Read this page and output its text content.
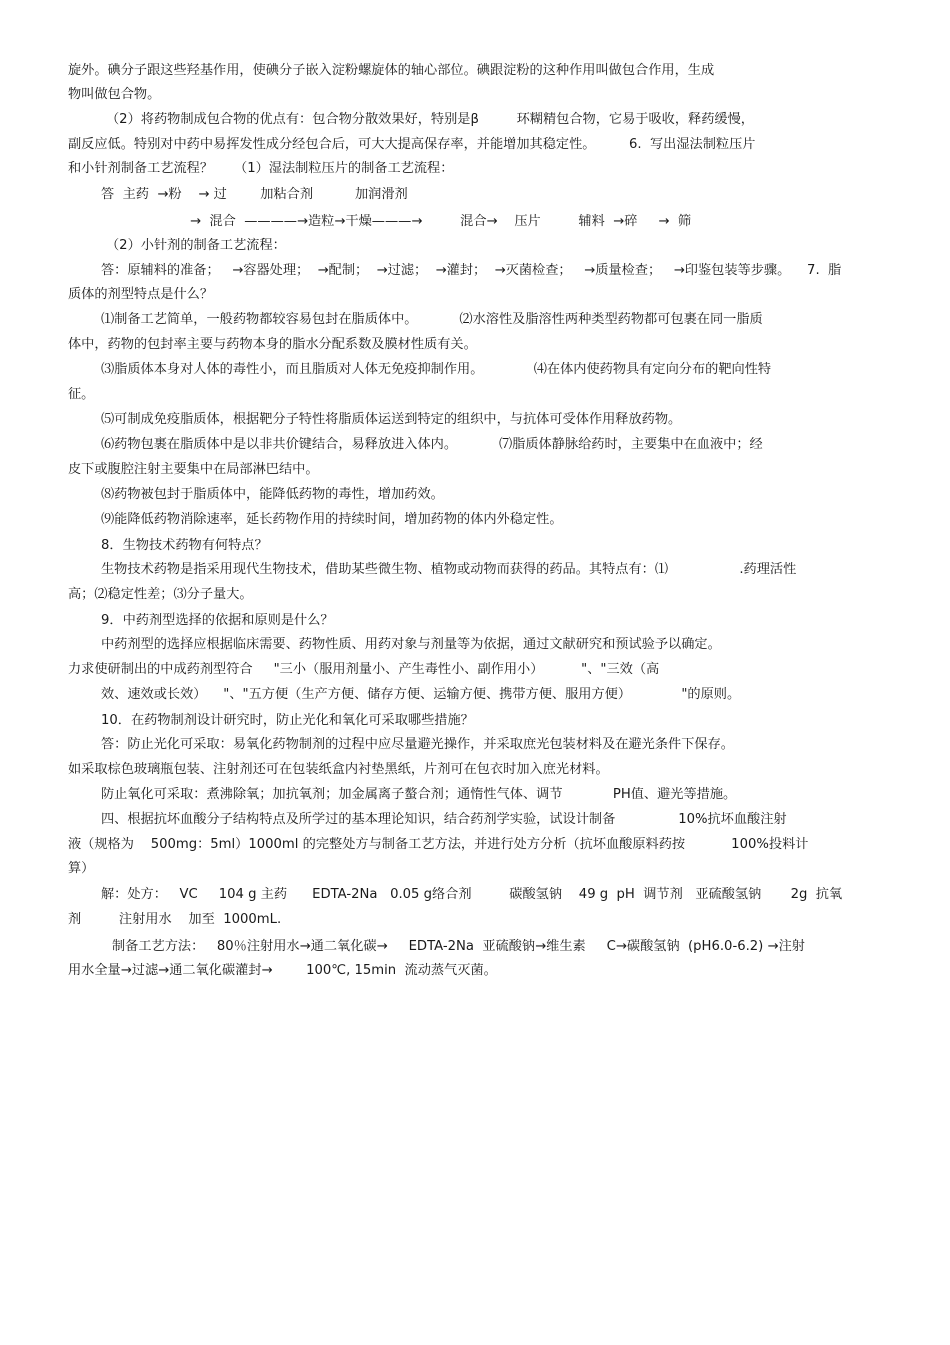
旋外。碘分子跟这些羟基作用，使碘分子嵌入淀粉螺旋体的轴心部位。碘跟淀粉的这种作用叫做包合作用，生成
物叫做包合物。
（2）将药物制成包合物的优点有：包合物分散效果好，特别是β         环糊精包合物，它易于吸收，释药缓慢，
副反应低。特别对中药中易挥发性成分经包合后，可大大提高保存率，并能增加其稳定性。        6.  写出湿法制粒压片
和小针剂制备工艺流程？     （1）湿法制粒压片的制备工艺流程：
答  主药  →粉    → 过        加粘合剂          加润滑剂
→  混合  ————→造粒→干燥———→         混合→    压片         辅料  →碎     →  筛
（2）小针剂的制备工艺流程：
答：原辅料的准备；   →容器处理；  →配制；  →过滤；  →灌封；  →灭菌检查；   →质量检查；   →印鉴包装等步骤。    7.  脂
质体的剂型特点是什么？
⑴制备工艺简单，一般药物都较容易包封在脂质体中。          ⑵水溶性及脂溶性两种类型药物都可包裹在同一脂质
体中，药物的包封率主要与药物本身的脂水分配系数及膜材性质有关。
⑶脂质体本身对人体的毒性小，而且脂质对人体无免疫抑制作用。            ⑷在体内使药物具有定向分布的靶向性特
征。
⑸可制成免疫脂质体，根据靶分子特性将脂质体运送到特定的组织中，与抗体可受体作用释放药物。
⑹药物包裹在脂质体中是以非共价键结合，易释放进入体内。          ⑺脂质体静脉给药时，主要集中在血液中；经
皮下或腹腔注射主要集中在局部淋巴结中。
⑻药物被包封于脂质体中，能降低药物的毒性，增加药效。
⑼能降低药物消除速率，延长药物作用的持续时间，增加药物的体内外稳定性。
8．生物技术药物有何特点？
生物技术药物是指采用现代生物技术，借助某些微生物、植物或动物而获得的药品。其特点有：⑴                 .药理活性
高；⑵稳定性差；⑶分子量大。
9．中药剂型选择的依据和原则是什么？
中药剂型的选择应根据临床需要、药物性质、用药对象与剂量等为依据，通过文献研究和预试验予以确定。
力求使研制出的中成药剂型符合     "三小（服用剂量小、产生毒性小、副作用小）         "、"三效（高
效、速效或长效）    "、"五方便（生产方便、储存方便、运输方便、携带方便、服用方便）            "的原则。
10．在药物制剂设计研究时，防止光化和氧化可采取哪些措施？
答：防止光化可采取：易氧化药物制剂的过程中应尽量避光操作，并采取庶光包装材料及在避光条件下保存。
如采取棕色玻璃瓶包装、注射剂还可在包装纸盒内衬垫黑纸，片剂可在包衣时加入庶光材料。
防止氧化可采取：煮沸除氧；加抗氧剂；加金属离子螯合剂；通惰性气体、调节            PH值、避光等措施。
四、根据抗坏血酸分子结构特点及所学过的基本理论知识，结合药剂学实验，试设计制备               10%抗坏血酸注射
液（规格为    500mg：5ml）1000ml 的完整处方与制备工艺方法，并进行处方分析（抗坏血酸原料药按           100%投料计
算）
解：处方：   VC     104 g 主药      EDTA-2Na   0.05 g络合剂         碳酸氢钠    49 g  pH  调节剂   亚硫酸氢钠       2g  抗氧
剂         注射用水    加至  1000mL.
制备工艺方法：   80％注射用水→通二氧化碳→     EDTA-2Na  亚硫酸钠→维生素     C→碳酸氢钠  (pH6.0-6.2) →注射
用水全量→过滤→通二氧化碳灌封→        100℃, 15min  流动蒸气灭菌。
